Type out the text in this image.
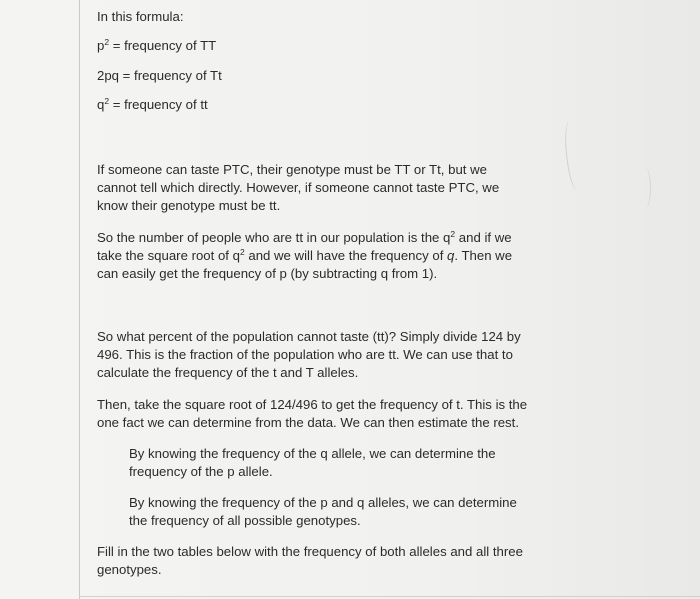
In this formula:
$p^2$ = frequency of TT
2pq = frequency of Tt
$q^2$ = frequency of tt
If someone can taste PTC, their genotype must be TT or Tt, but we cannot tell which directly. However, if someone cannot taste PTC, we know their genotype must be tt.
So the number of people who are tt in our population is the $q^2$ and if we take the square root of $q^2$ and we will have the frequency of q. Then we can easily get the frequency of p (by subtracting q from 1).
So what percent of the population cannot taste (tt)? Simply divide 124 by 496. This is the fraction of the population who are tt. We can use that to calculate the frequency of the t and T alleles.
Then, take the square root of 124/496 to get the frequency of t. This is the one fact we can determine from the data. We can then estimate the rest.
By knowing the frequency of the q allele, we can determine the frequency of the p allele.
By knowing the frequency of the p and q alleles, we can determine the frequency of all possible genotypes.
Fill in the two tables below with the frequency of both alleles and all three genotypes.
